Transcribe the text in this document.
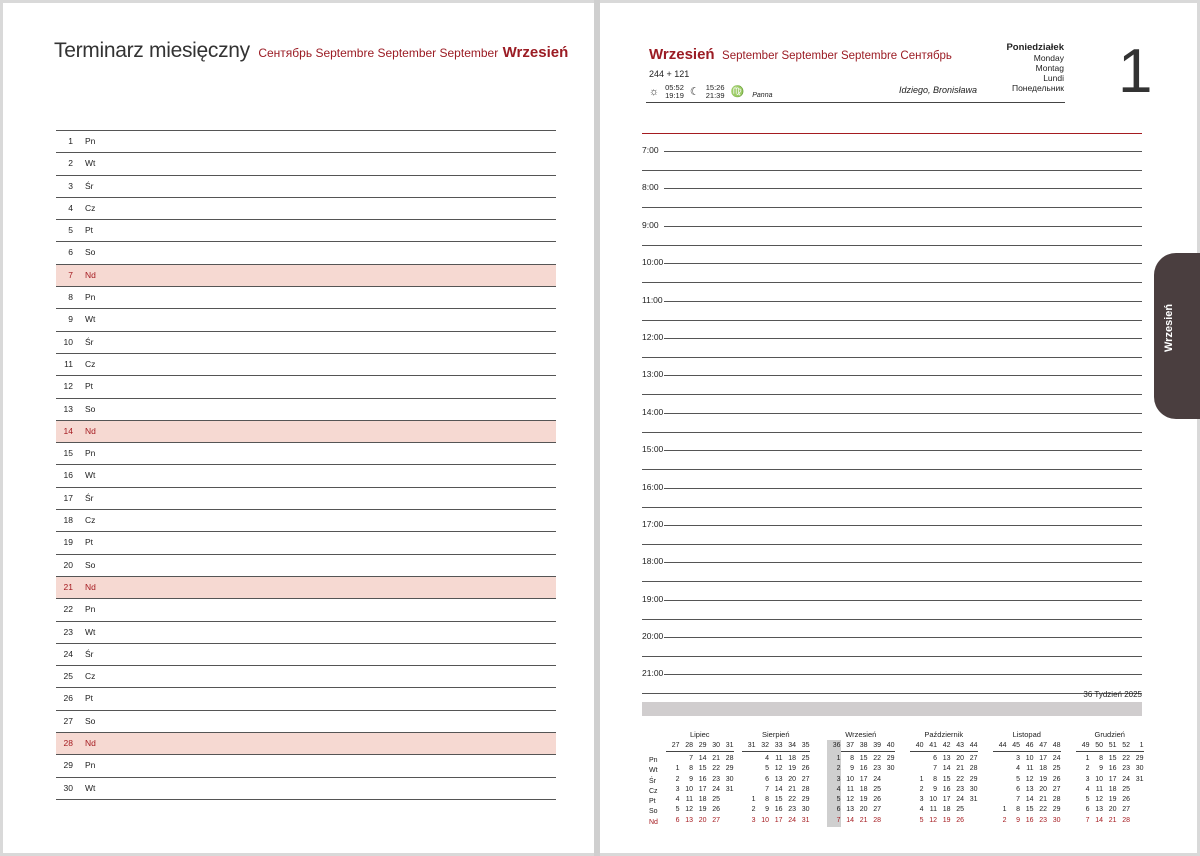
Terminarz miesięczny Сентябрь Septembre September September Wrzesień
1 Pn
2 Wt
3 Śr
4 Cz
5 Pt
6 So
7 Nd
8 Pn
9 Wt
10 Śr
11 Cz
12 Pt
13 So
14 Nd
15 Pn
16 Wt
17 Śr
18 Cz
19 Pt
20 So
21 Nd
22 Pn
23 Wt
24 Śr
25 Cz
26 Pt
27 So
28 Nd
29 Pn
30 Wt
Wrzesień September September Septembre Сентябрь
244 + 121
☼ 05:52
19:19 ☾ 15:26
21:39 ♍ Panna
Idziego, Bronisława
Poniedziałek
Monday
Montag
Lundi
Понедельник 1
7:00
8:00
9:00
10:00
11:00
12:00
13:00
14:00
15:00
16:00
17:00
18:00
19:00
20:00
21:00
36 Tydzień 2025
Pn
Wt
Śr
Cz
Pt
So
Nd
Lipiec
27 28 29 30 31
1
2
3
4
5
6
7
8
9
10
11
12
13
14
15
16
17
18
19
20
21
22
23
24
25
26
27
28
29
30
31
Sierpień
31 32 33 34 35
1
2
3
4
5
6
7
8
9
10
11
12
13
14
15
16
17
18
19
20
21
22
23
24
25
26
27
28
29
30
31
Wrzesień
36 37 38 39 40
1
2
3
4
5
6
7
8
9
10
11
12
13
14
15
16
17
18
19
20
21
22
23
24
25
26
27
28
29
30
Październik
40 41 42 43 44
1
2
3
4
5
6
7
8
9
10
11
12
13
14
15
16
17
18
19
20
21
22
23
24
25
26
27
28
29
30
31
Listopad
44 45 46 47 48
1
2
3
4
5
6
7
8
9
10
11
12
13
14
15
16
17
18
19
20
21
22
23
24
25
26
27
28
29
30
Grudzień
49 50 51 52	1
1
2
3
4
5
6
7
8
9
10
11
12
13
14
15
16
17
18
19
20
21
22
23
24
25
26
27
28
29
30
31
Wrzesień
